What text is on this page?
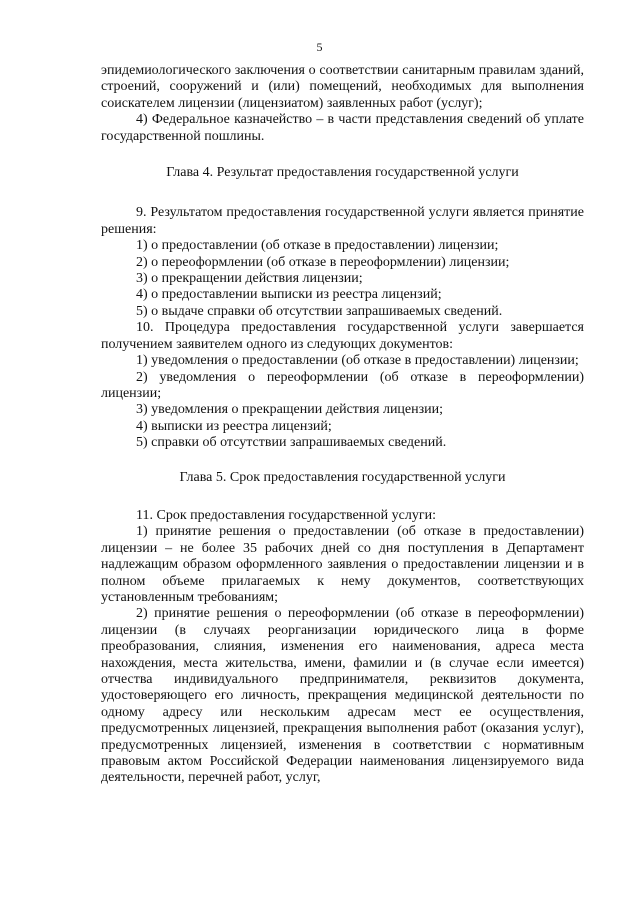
5

эпидемиологического заключения о соответствии санитарным правилам зданий, строений, сооружений и (или) помещений, необходимых для выполнения соискателем лицензии (лицензиатом) заявленных работ (услуг);

4) Федеральное казначейство – в части представления сведений об уплате государственной пошлины.

Глава 4. Результат предоставления государственной услуги

9. Результатом предоставления государственной услуги является принятие решения:

1) о предоставлении (об отказе в предоставлении) лицензии;

2) о переоформлении (об отказе в переоформлении) лицензии;

3) о прекращении действия лицензии;

4) о предоставлении выписки из реестра лицензий;

5) о выдаче справки об отсутствии запрашиваемых сведений.

10. Процедура предоставления государственной услуги завершается получением заявителем одного из следующих документов:

1) уведомления о предоставлении (об отказе в предоставлении) лицензии;

2) уведомления о переоформлении (об отказе в переоформлении) лицензии;

3) уведомления о прекращении действия лицензии;

4) выписки из реестра лицензий;

5) справки об отсутствии запрашиваемых сведений.

Глава 5. Срок предоставления государственной услуги

11. Срок предоставления государственной услуги:

1) принятие решения о предоставлении (об отказе в предоставлении) лицензии – не более 35 рабочих дней со дня поступления в Департамент надлежащим образом оформленного заявления о предоставлении лицензии и в полном объеме прилагаемых к нему документов, соответствующих установленным требованиям;

2) принятие решения о переоформлении (об отказе в переоформлении) лицензии (в случаях реорганизации юридического лица в форме преобразования, слияния, изменения его наименования, адреса места нахождения, места жительства, имени, фамилии и (в случае если имеется) отчества индивидуального предпринимателя, реквизитов документа, удостоверяющего его личность, прекращения медицинской деятельности по одному адресу или нескольким адресам мест ее осуществления, предусмотренных лицензией, прекращения выполнения работ (оказания услуг), предусмотренных лицензией, изменения в соответствии с нормативным правовым актом Российской Федерации наименования лицензируемого вида деятельности, перечней работ, услуг,
